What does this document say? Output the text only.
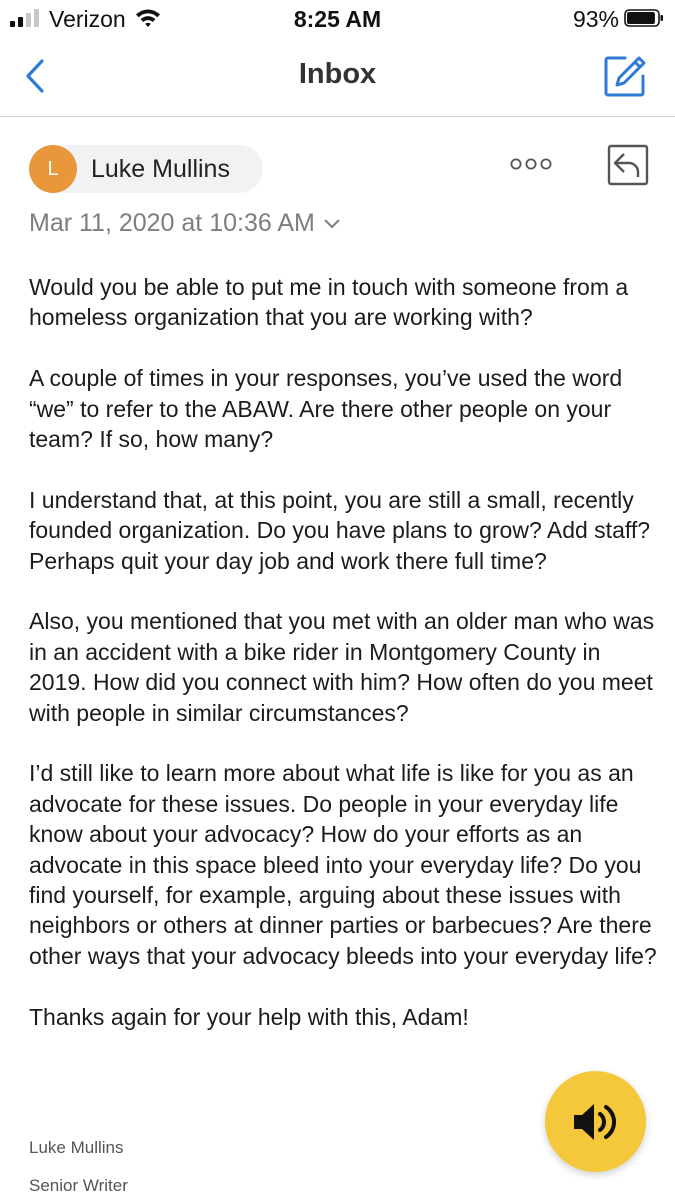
Verizon	8:25 AM	93%
Inbox
L	Luke Mullins
Mar 11, 2020 at 10:36 AM

Would you be able to put me in touch with someone from a homeless organization that you are working with?

A couple of times in your responses, you’ve used the word “we” to refer to the ABAW. Are there other people on your team? If so, how many?

I understand that, at this point, you are still a small, recently founded organization. Do you have plans to grow? Add staff? Perhaps quit your day job and work there full time?

Also, you mentioned that you met with an older man who was in an accident with a bike rider in Montgomery County in 2019. How did you connect with him? How often do you meet with people in similar circumstances?

I’d still like to learn more about what life is like for you as an advocate for these issues. Do people in your everyday life know about your advocacy? How do your efforts as an advocate in this space bleed into your everyday life? Do you find yourself, for example, arguing about these issues with neighbors or others at dinner parties or barbecues? Are there other ways that your advocacy bleeds into your everyday life?

Thanks again for your help with this, Adam!

Luke Mullins
Senior Writer
